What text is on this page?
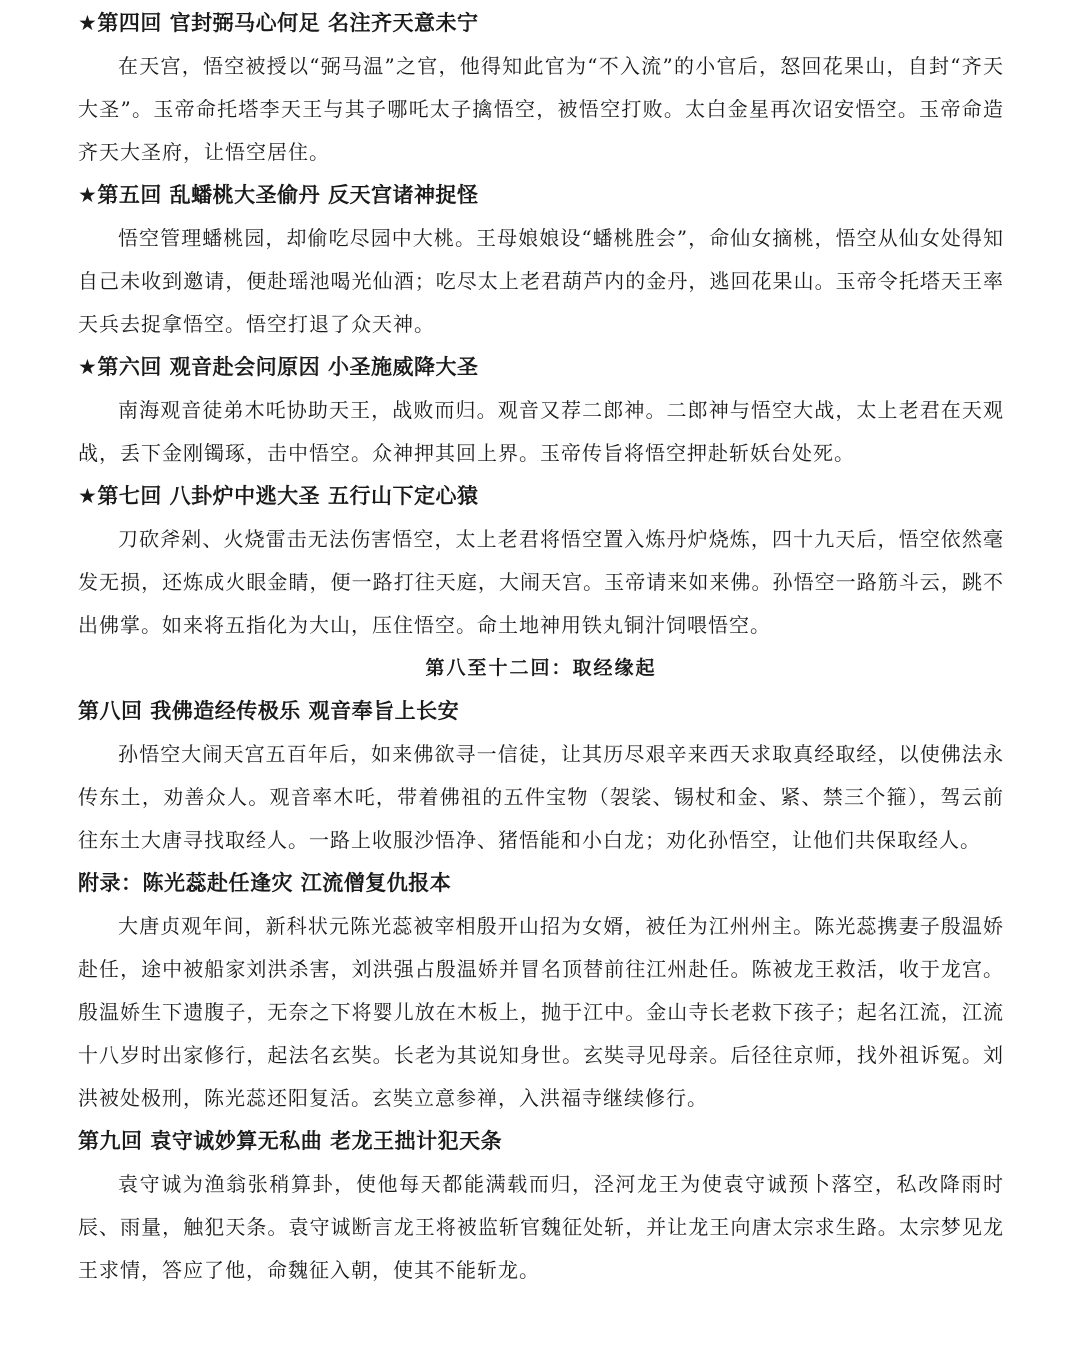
★第四回 官封弼马心何足 名注齐天意未宁

在天宫，悟空被授以“弼马温”之官，他得知此官为“不入流”的小官后，怒回花果山，自封“齐天大圣”。玉帝命托塔李天王与其子哪吒太子擒悟空，被悟空打败。太白金星再次诏安悟空。玉帝命造齐天大圣府，让悟空居住。

★第五回 乱蟠桃大圣偷丹 反天宫诸神捉怪

悟空管理蟠桃园，却偷吃尽园中大桃。王母娘娘设“蟠桃胜会”，命仙女摘桃，悟空从仙女处得知自己未收到邀请，便赴瑶池喝光仙酒；吃尽太上老君葫芦内的金丹，逃回花果山。玉帝令托塔天王率天兵去捉拿悟空。悟空打退了众天神。

★第六回 观音赴会问原因 小圣施威降大圣

南海观音徒弟木吒协助天王，战败而归。观音又荐二郎神。二郎神与悟空大战，太上老君在天观战，丢下金刚镯琢，击中悟空。众神押其回上界。玉帝传旨将悟空押赴斩妖台处死。

★第七回 八卦炉中逃大圣 五行山下定心猿

刀砍斧剁、火烧雷击无法伤害悟空，太上老君将悟空置入炼丹炉烧炼，四十九天后，悟空依然毫发无损，还炼成火眼金睛，便一路打往天庭，大闹天宫。玉帝请来如来佛。孙悟空一路筋斗云，跳不出佛掌。如来将五指化为大山，压住悟空。命土地神用铁丸铜汁饲喂悟空。

第八至十二回：取经缘起
第八回 我佛造经传极乐 观音奉旨上长安

孙悟空大闹天宫五百年后，如来佛欲寻一信徒，让其历尽艰辛来西天求取真经取经，以使佛法永传东土，劝善众人。观音率木吒，带着佛祖的五件宝物（袈裟、锡杖和金、紧、禁三个箍），驾云前往东土大唐寻找取经人。一路上收服沙悟净、猪悟能和小白龙；劝化孙悟空，让他们共保取经人。

附录：陈光蕊赴任逢灾 江流僧复仇报本

大唐贞观年间，新科状元陈光蕊被宰相殷开山招为女婿，被任为江州州主。陈光蕊携妻子殷温娇赴任，途中被船家刘洪杀害，刘洪强占殷温娇并冒名顶替前往江州赴任。陈被龙王救活，收于龙宫。殷温娇生下遗腹子，无奈之下将婴儿放在木板上，抛于江中。金山寺长老救下孩子；起名江流，江流十八岁时出家修行，起法名玄奘。长老为其说知身世。玄奘寻见母亲。后径往京师，找外祖诉冤。刘洪被处极刑，陈光蕊还阳复活。玄奘立意参禅，入洪福寺继续修行。

第九回 袁守诚妙算无私曲 老龙王拙计犯天条

袁守诚为渔翁张稍算卦，使他每天都能满载而归，泾河龙王为使袁守诚预卜落空，私改降雨时辰、雨量，触犯天条。袁守诚断言龙王将被监斩官魏征处斩，并让龙王向唐太宗求生路。太宗梦见龙王求情，答应了他，命魏征入朝，使其不能斩龙。
